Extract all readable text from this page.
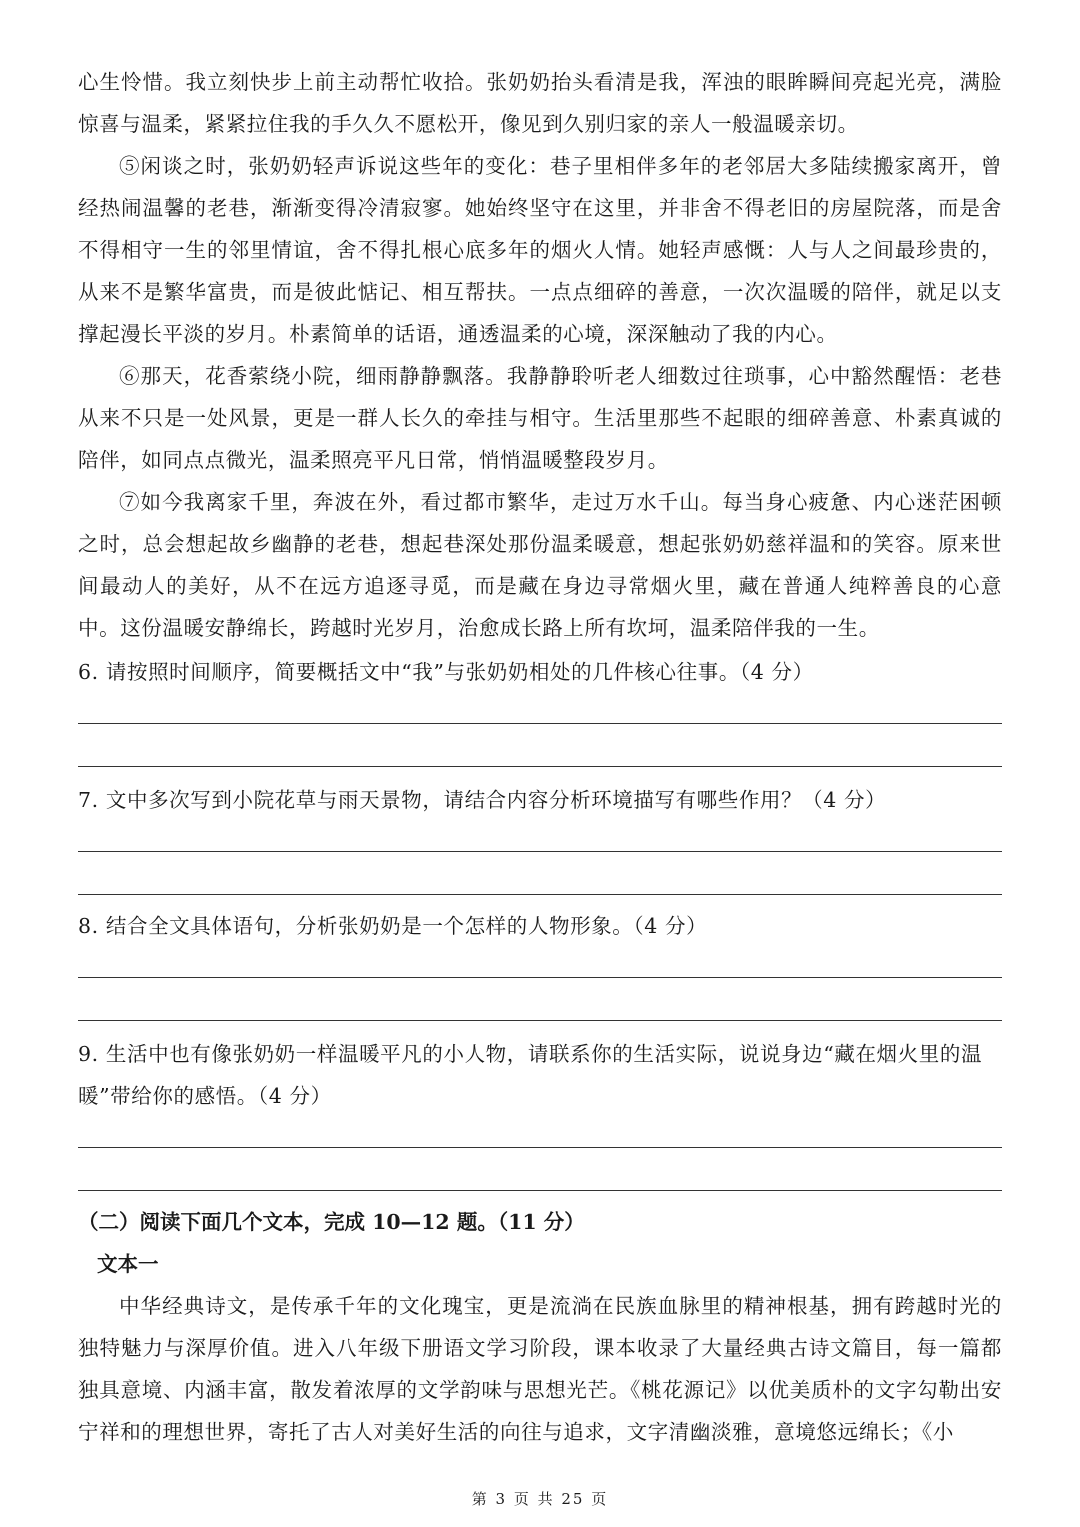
心生怜惜。我立刻快步上前主动帮忙收拾。张奶奶抬头看清是我，浑浊的眼眸瞬间亮起光亮，满脸惊喜与温柔，紧紧拉住我的手久久不愿松开，像见到久别归家的亲人一般温暖亲切。

⑤闲谈之时，张奶奶轻声诉说这些年的变化：巷子里相伴多年的老邻居大多陆续搬家离开，曾经热闹温馨的老巷，渐渐变得冷清寂寥。她始终坚守在这里，并非舍不得老旧的房屋院落，而是舍不得相守一生的邻里情谊，舍不得扎根心底多年的烟火人情。她轻声感慨：人与人之间最珍贵的，从来不是繁华富贵，而是彼此惦记、相互帮扶。一点点细碎的善意，一次次温暖的陪伴，就足以支撑起漫长平淡的岁月。朴素简单的话语，通透温柔的心境，深深触动了我的内心。

⑥那天，花香萦绕小院，细雨静静飘落。我静静聆听老人细数过往琐事，心中豁然醒悟：老巷从来不只是一处风景，更是一群人长久的牵挂与相守。生活里那些不起眼的细碎善意、朴素真诚的陪伴，如同点点微光，温柔照亮平凡日常，悄悄温暖整段岁月。

⑦如今我离家千里，奔波在外，看过都市繁华，走过万水千山。每当身心疲惫、内心迷茫困顿之时，总会想起故乡幽静的老巷，想起巷深处那份温柔暖意，想起张奶奶慈祥温和的笑容。原来世间最动人的美好，从不在远方追逐寻觅，而是藏在身边寻常烟火里，藏在普通人纯粹善良的心意中。这份温暖安静绵长，跨越时光岁月，治愈成长路上所有坎坷，温柔陪伴我的一生。

6. 请按照时间顺序，简要概括文中“我”与张奶奶相处的几件核心往事。（4 分）

7. 文中多次写到小院花草与雨天景物，请结合内容分析环境描写有哪些作用？（4 分）

8. 结合全文具体语句，分析张奶奶是一个怎样的人物形象。（4 分）

9. 生活中也有像张奶奶一样温暖平凡的小人物，请联系你的生活实际，说说身边“藏在烟火里的温暖”带给你的感悟。（4 分）

（二）阅读下面几个文本，完成 10—12 题。（11 分）

文本一

中华经典诗文，是传承千年的文化瑰宝，更是流淌在民族血脉里的精神根基，拥有跨越时光的独特魅力与深厚价值。进入八年级下册语文学习阶段，课本收录了大量经典古诗文篇目，每一篇都独具意境、内涵丰富，散发着浓厚的文学韵味与思想光芒。《桃花源记》以优美质朴的文字勾勒出安宁祥和的理想世界，寄托了古人对美好生活的向往与追求，文字清幽淡雅，意境悠远绵长；《小

第 3 页 共 25 页
